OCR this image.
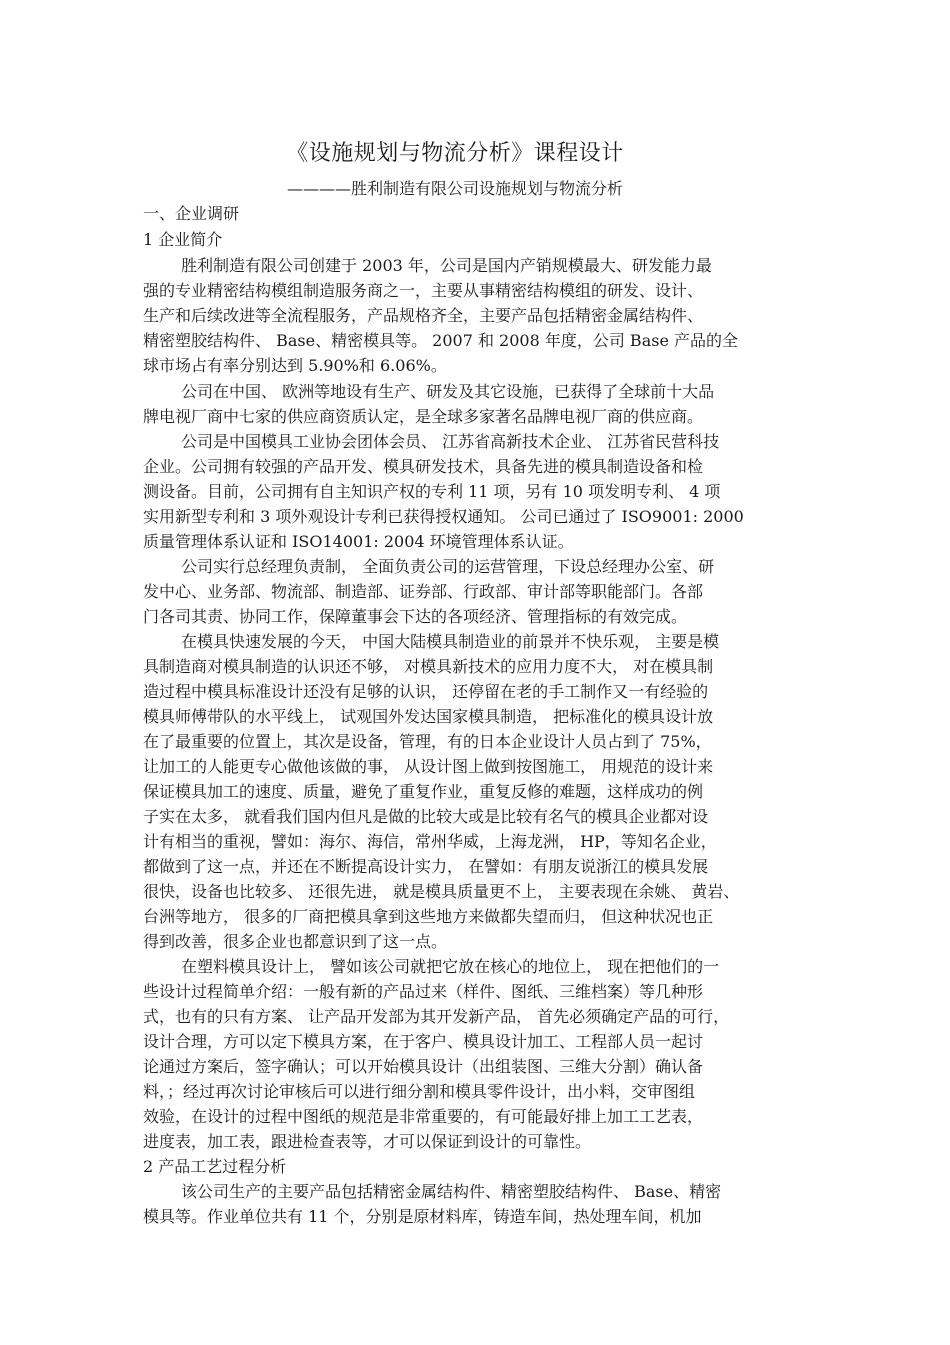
《设施规划与物流分析》课程设计
————胜利制造有限公司设施规划与物流分析
一、企业调研
1 企业简介
胜利制造有限公司创建于 2003 年，公司是国内产销规模最大、研发能力最
强的专业精密结构模组制造服务商之一，主要从事精密结构模组的研发、设计、
生产和后续改进等全流程服务，产品规格齐全，主要产品包括精密金属结构件、
精密塑胶结构件、 Base、精密模具等。 2007 和 2008 年度，公司 Base 产品的全
球市场占有率分别达到 5.90%和 6.06%。
公司在中国、 欧洲等地设有生产、研发及其它设施，已获得了全球前十大品
牌电视厂商中七家的供应商资质认定，是全球多家著名品牌电视厂商的供应商。
公司是中国模具工业协会团体会员、 江苏省高新技术企业、 江苏省民营科技
企业。公司拥有较强的产品开发、模具研发技术，具备先进的模具制造设备和检
测设备。目前，公司拥有自主知识产权的专利 11 项，另有 10 项发明专利、 4 项
实用新型专利和 3 项外观设计专利已获得授权通知。 公司已通过了 ISO9001: 2000
质量管理体系认证和 ISO14001: 2004 环境管理体系认证。
公司实行总经理负责制， 全面负责公司的运营管理，下设总经理办公室、研
发中心、业务部、物流部、制造部、证券部、行政部、审计部等职能部门。各部
门各司其责、协同工作，保障董事会下达的各项经济、管理指标的有效完成。
在模具快速发展的今天， 中国大陆模具制造业的前景并不快乐观， 主要是模
具制造商对模具制造的认识还不够， 对模具新技术的应用力度不大， 对在模具制
造过程中模具标准设计还没有足够的认识， 还停留在老的手工制作又一有经验的
模具师傅带队的水平线上， 试观国外发达国家模具制造， 把标准化的模具设计放
在了最重要的位置上，其次是设备，管理，有的日本企业设计人员占到了 75%，
让加工的人能更专心做他该做的事， 从设计图上做到按图施工， 用规范的设计来
保证模具加工的速度、质量，避免了重复作业，重复反修的难题，这样成功的例
子实在太多， 就看我们国内但凡是做的比较大或是比较有名气的模具企业都对设
计有相当的重视，譬如：海尔、海信，常州华威，上海龙洲， HP，等知名企业，
都做到了这一点，并还在不断提高设计实力， 在譬如：有朋友说浙江的模具发展
很快，设备也比较多、 还很先进， 就是模具质量更不上， 主要表现在余姚、 黄岩、
台洲等地方， 很多的厂商把模具拿到这些地方来做都失望而归， 但这种状况也正
得到改善，很多企业也都意识到了这一点。
在塑料模具设计上， 譬如该公司就把它放在核心的地位上， 现在把他们的一
些设计过程简单介绍：一般有新的产品过来（样件、图纸、三维档案）等几种形
式，也有的只有方案、 让产品开发部为其开发新产品， 首先必须确定产品的可行，
设计合理，方可以定下模具方案，在于客户、模具设计加工、工程部人员一起讨
论通过方案后，签字确认；可以开始模具设计（出组装图、三维大分割）确认备
料，；经过再次讨论审核后可以进行细分割和模具零件设计，出小料，交审图组
效验，在设计的过程中图纸的规范是非常重要的，有可能最好排上加工工艺表，
进度表，加工表，跟进检查表等，才可以保证到设计的可靠性。
2 产品工艺过程分析
该公司生产的主要产品包括精密金属结构件、精密塑胶结构件、 Base、精密
模具等。作业单位共有 11 个，分别是原材料库，铸造车间，热处理车间，机加
